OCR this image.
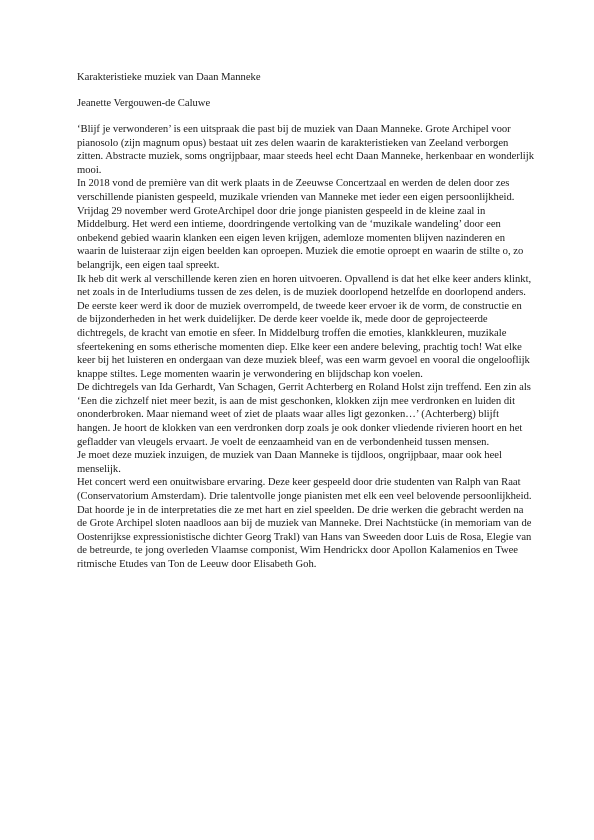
Karakteristieke muziek van Daan Manneke

Jeanette Vergouwen-de Caluwe

‘Blijf je verwonderen’ is een uitspraak die past bij de muziek van Daan Manneke. Grote Archipel voor pianosolo (zijn magnum opus) bestaat uit zes delen waarin de karakteristieken van Zeeland verborgen zitten. Abstracte muziek, soms ongrijpbaar, maar steeds heel echt Daan Manneke, herkenbaar en wonderlijk mooi.

In 2018 vond de première van dit werk plaats in de Zeeuwse Concertzaal en werden de delen door zes verschillende pianisten gespeeld, muzikale vrienden van Manneke met ieder een eigen persoonlijkheid.

Vrijdag 29 november werd GroteArchipel door drie jonge pianisten gespeeld in de kleine zaal in Middelburg. Het werd een intieme, doordringende vertolking van de ‘muzikale wandeling’ door een onbekend gebied waarin klanken een eigen leven krijgen, ademloze momenten blijven nazinderen en waarin de luisteraar zijn eigen beelden kan oproepen. Muziek die emotie oproept en waarin de stilte o, zo belangrijk, een eigen taal spreekt.

Ik heb dit werk al verschillende keren zien en horen uitvoeren. Opvallend is dat het elke keer anders klinkt, net zoals in de Interludiums tussen de zes delen, is de muziek doorlopend hetzelfde en doorlopend anders.

De eerste keer werd ik door de muziek overrompeld, de tweede keer ervoer ik de vorm, de constructie en de bijzonderheden in het werk duidelijker. De derde keer voelde ik, mede door de geprojecteerde dichtregels, de kracht van emotie en sfeer. In Middelburg troffen die emoties, klankkleuren, muzikale sfeertekening en soms etherische momenten diep. Elke keer een andere beleving, prachtig toch! Wat elke keer bij het luisteren en ondergaan van deze muziek bleef, was een warm gevoel en vooral die ongelooflijk knappe stiltes. Lege momenten waarin je verwondering en blijdschap kon voelen.

De dichtregels van Ida Gerhardt, Van Schagen, Gerrit Achterberg en Roland Holst zijn treffend. Een zin als ‘Een die zichzelf niet meer bezit, is aan de mist geschonken, klokken zijn mee verdronken en luiden dit ononderbroken. Maar niemand weet of ziet de plaats waar alles ligt gezonken…’ (Achterberg) blijft hangen. Je hoort de klokken van een verdronken dorp zoals je ook donker vliedende rivieren hoort en het gefladder van vleugels ervaart. Je voelt de eenzaamheid van en de verbondenheid tussen mensen.

Je moet deze muziek inzuigen, de muziek van Daan Manneke is tijdloos, ongrijpbaar, maar ook heel menselijk.

Het concert werd een onuitwisbare ervaring. Deze keer gespeeld door drie studenten van Ralph van Raat (Conservatorium Amsterdam). Drie talentvolle jonge pianisten met elk een veel belovende persoonlijkheid. Dat hoorde je in de interpretaties die ze met hart en ziel speelden. De drie werken die gebracht werden na de Grote Archipel sloten naadloos aan bij de muziek van Manneke. Drei Nachtstücke (in memoriam van de Oostenrijkse expressionistische dichter Georg Trakl) van Hans van Sweeden door Luis de Rosa, Elegie van de betreurde, te jong overleden Vlaamse componist, Wim Hendrickx door Apollon Kalamenios en Twee ritmische Etudes van Ton de Leeuw door Elisabeth Goh.
